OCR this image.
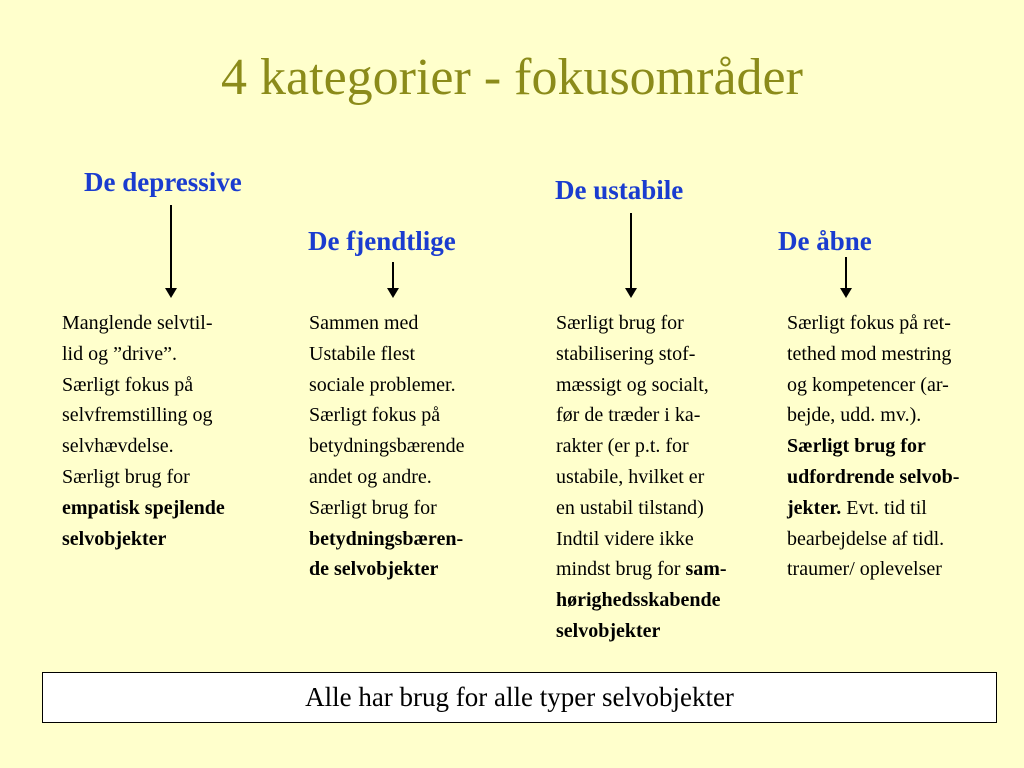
4 kategorier - fokusområder
De depressive
De fjendtlige
De ustabile
De åbne
Manglende selvtil-
lid og ”drive”.
Særligt fokus på
selvfremstilling og
selvhævdelse.
Særligt brug for
empatisk spejlende
selvobjekter
Sammen med
Ustabile flest
sociale problemer.
Særligt fokus på
betydningsbærende
andet og andre.
Særligt brug for
betydningsbæren-
de selvobjekter
Særligt brug for
stabilisering stof-
mæssigt og socialt,
før de træder i ka-
rakter (er p.t. for
ustabile, hvilket er
en ustabil tilstand)
Indtil videre ikke
mindst brug for sam-
hørighedsskabende
selvobjekter
Særligt fokus på ret-
tethed mod mestring
og kompetencer (ar-
bejde, udd. mv.).
Særligt brug for
udfordrende selvob-
jekter. Evt. tid til
bearbejdelse af tidl.
traumer/ oplevelser
Alle har brug for alle typer selvobjekter
